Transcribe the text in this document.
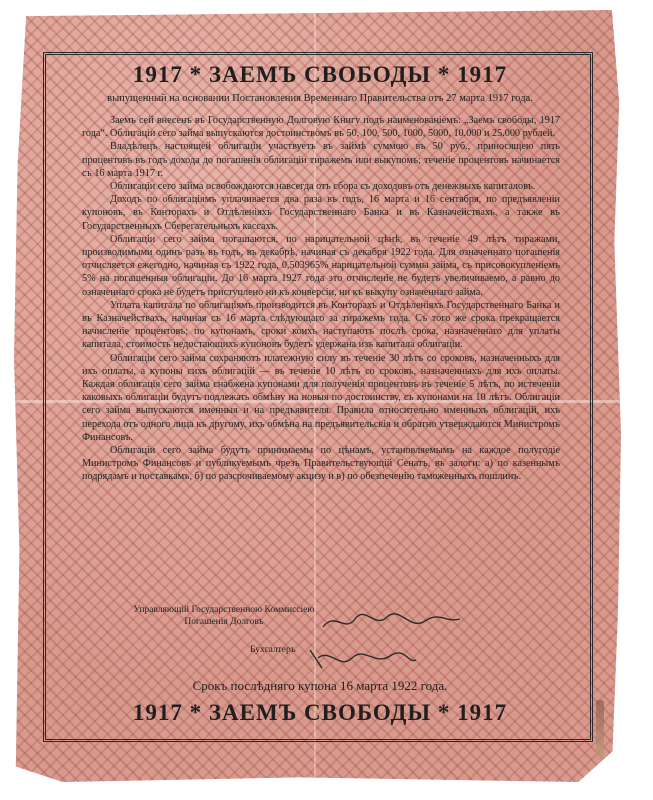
1917 * ЗАЕМЪ СВОБОДЫ * 1917
выпущенный на основании Постановления Временнаго Правительства отъ 27 марта 1917 года.

Заемъ сей внесенъ въ Государственную Долговую Книгу подъ наименованіемъ: „Заемъ свободы, 1917 года“. Облигаціи сего займа выпускаются достоинствомъ въ 50, 100, 500, 1000, 5000, 10.000 и 25.000 рублей.

Владѣлецъ настоящей облигаціи участвуетъ въ займѣ суммою въ 50 руб., приносящею пять процентовъ въ годъ дохода до погашенія облигаціи тиражемъ или выкупомъ; теченіе процентовъ начинается съ 16 марта 1917 г.

Облигаціи сего займа освобождаются навсегда отъ сбора съ доходовъ отъ денежныхъ капиталовъ.

Доходъ по облигаціямъ уплачивается два раза въ годъ, 16 марта и 16 сентября, по предъявленіи купоновъ, въ Конторахъ и Отдѣленіяхъ Государственнаго Банка и въ Казначействахъ, а также въ Государственныхъ Сберегательныхъ кассахъ.

Облигаціи сего займа погашаются, по нарицательной цѣнѣ, въ теченіе 49 лѣтъ тиражами, производимыми одинъ разъ въ годъ, въ декабрѣ, начиная съ декабря 1922 года. Для означеннаго погашенія отчисляется ежегодно, начиная съ 1922 года, 0,503965% нарицательной суммы займа, съ присовокупленіемъ 5% на погашенныя облигаціи. До 16 марта 1927 года это отчисленіе не будетъ увеличиваемо, а равно до означеннаго срока не будетъ приступлено ни къ конверсіи, ни къ выкупу означеннаго займа.

Уплата капитала по облигаціямъ производится въ Конторахъ и Отдѣленіяхъ Государственнаго Банка и въ Казначействахъ, начиная съ 16 марта слѣдующаго за тиражемъ года. Съ того же срока прекращается начисленіе процентовъ; по купонамъ, сроки коихъ наступаютъ послѣ срока, назначеннаго для уплаты капитала, стоимость недостающихъ купоновъ будетъ удержана изъ капитала облигаціи.

Облигаціи сего займа сохраняютъ платежную силу въ теченіе 30 лѣтъ со сроковъ, назначенныхъ для ихъ оплаты, а купоны сихъ облигацій — въ теченіе 10 лѣтъ со сроковъ, назначенныхъ для ихъ оплаты. Каждая облигація сего займа снабжена купонами для полученія процентовъ въ теченіе 5 лѣтъ, по истеченіи каковыхъ облигаціи будутъ подлежать обмѣну на новыя по достоинству, съ купонами на 10 лѣтъ. Облигаціи сего займа выпускаются именныя и на предъявителя. Правила относительно именныхъ облигацій, ихъ перехода отъ одного лица къ другому, ихъ обмѣна на предъявительскія и обратно утверждаются Министромъ Финансовъ.

Облигаціи сего займа будутъ принимаемы по цѣнамъ, установляемымъ на каждое полугодіе Министромъ Финансовъ и публикуемымъ чрезъ Правительствующій Сенатъ, въ залоги: а) по казеннымъ подрядамъ и поставкамъ, б) по разсрочиваемому акцизу и в) по обезпеченію таможенныхъ пошлинъ.

Управляющій Государственною Коммиссіею Погашенія Долговъ
Бухгалтеръ
Срокъ послѣдняго купона 16 марта 1922 года.
1917 * ЗАЕМЪ СВОБОДЫ * 1917
